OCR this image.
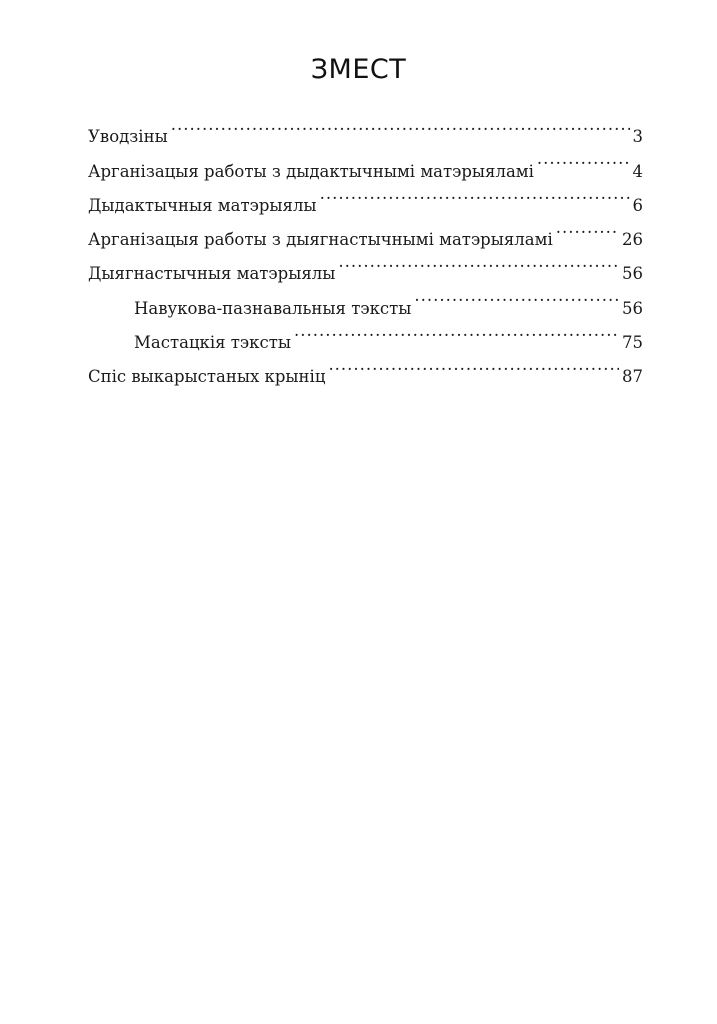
ЗМЕСТ
Уводзіны .....	3
Арганізацыя работы з дыдактычнымі матэрыяламі .....	4
Дыдактычныя матэрыялы .....	6
Арганізацыя работы з дыягнастычнымі матэрыяламі .....	26
Дыягнастычныя матэрыялы .....	56
Навукова-пазнавальныя тэксты .....	56
Мастацкія тэксты .....	75
Спіс выкарыстаных крыніц .....	87
